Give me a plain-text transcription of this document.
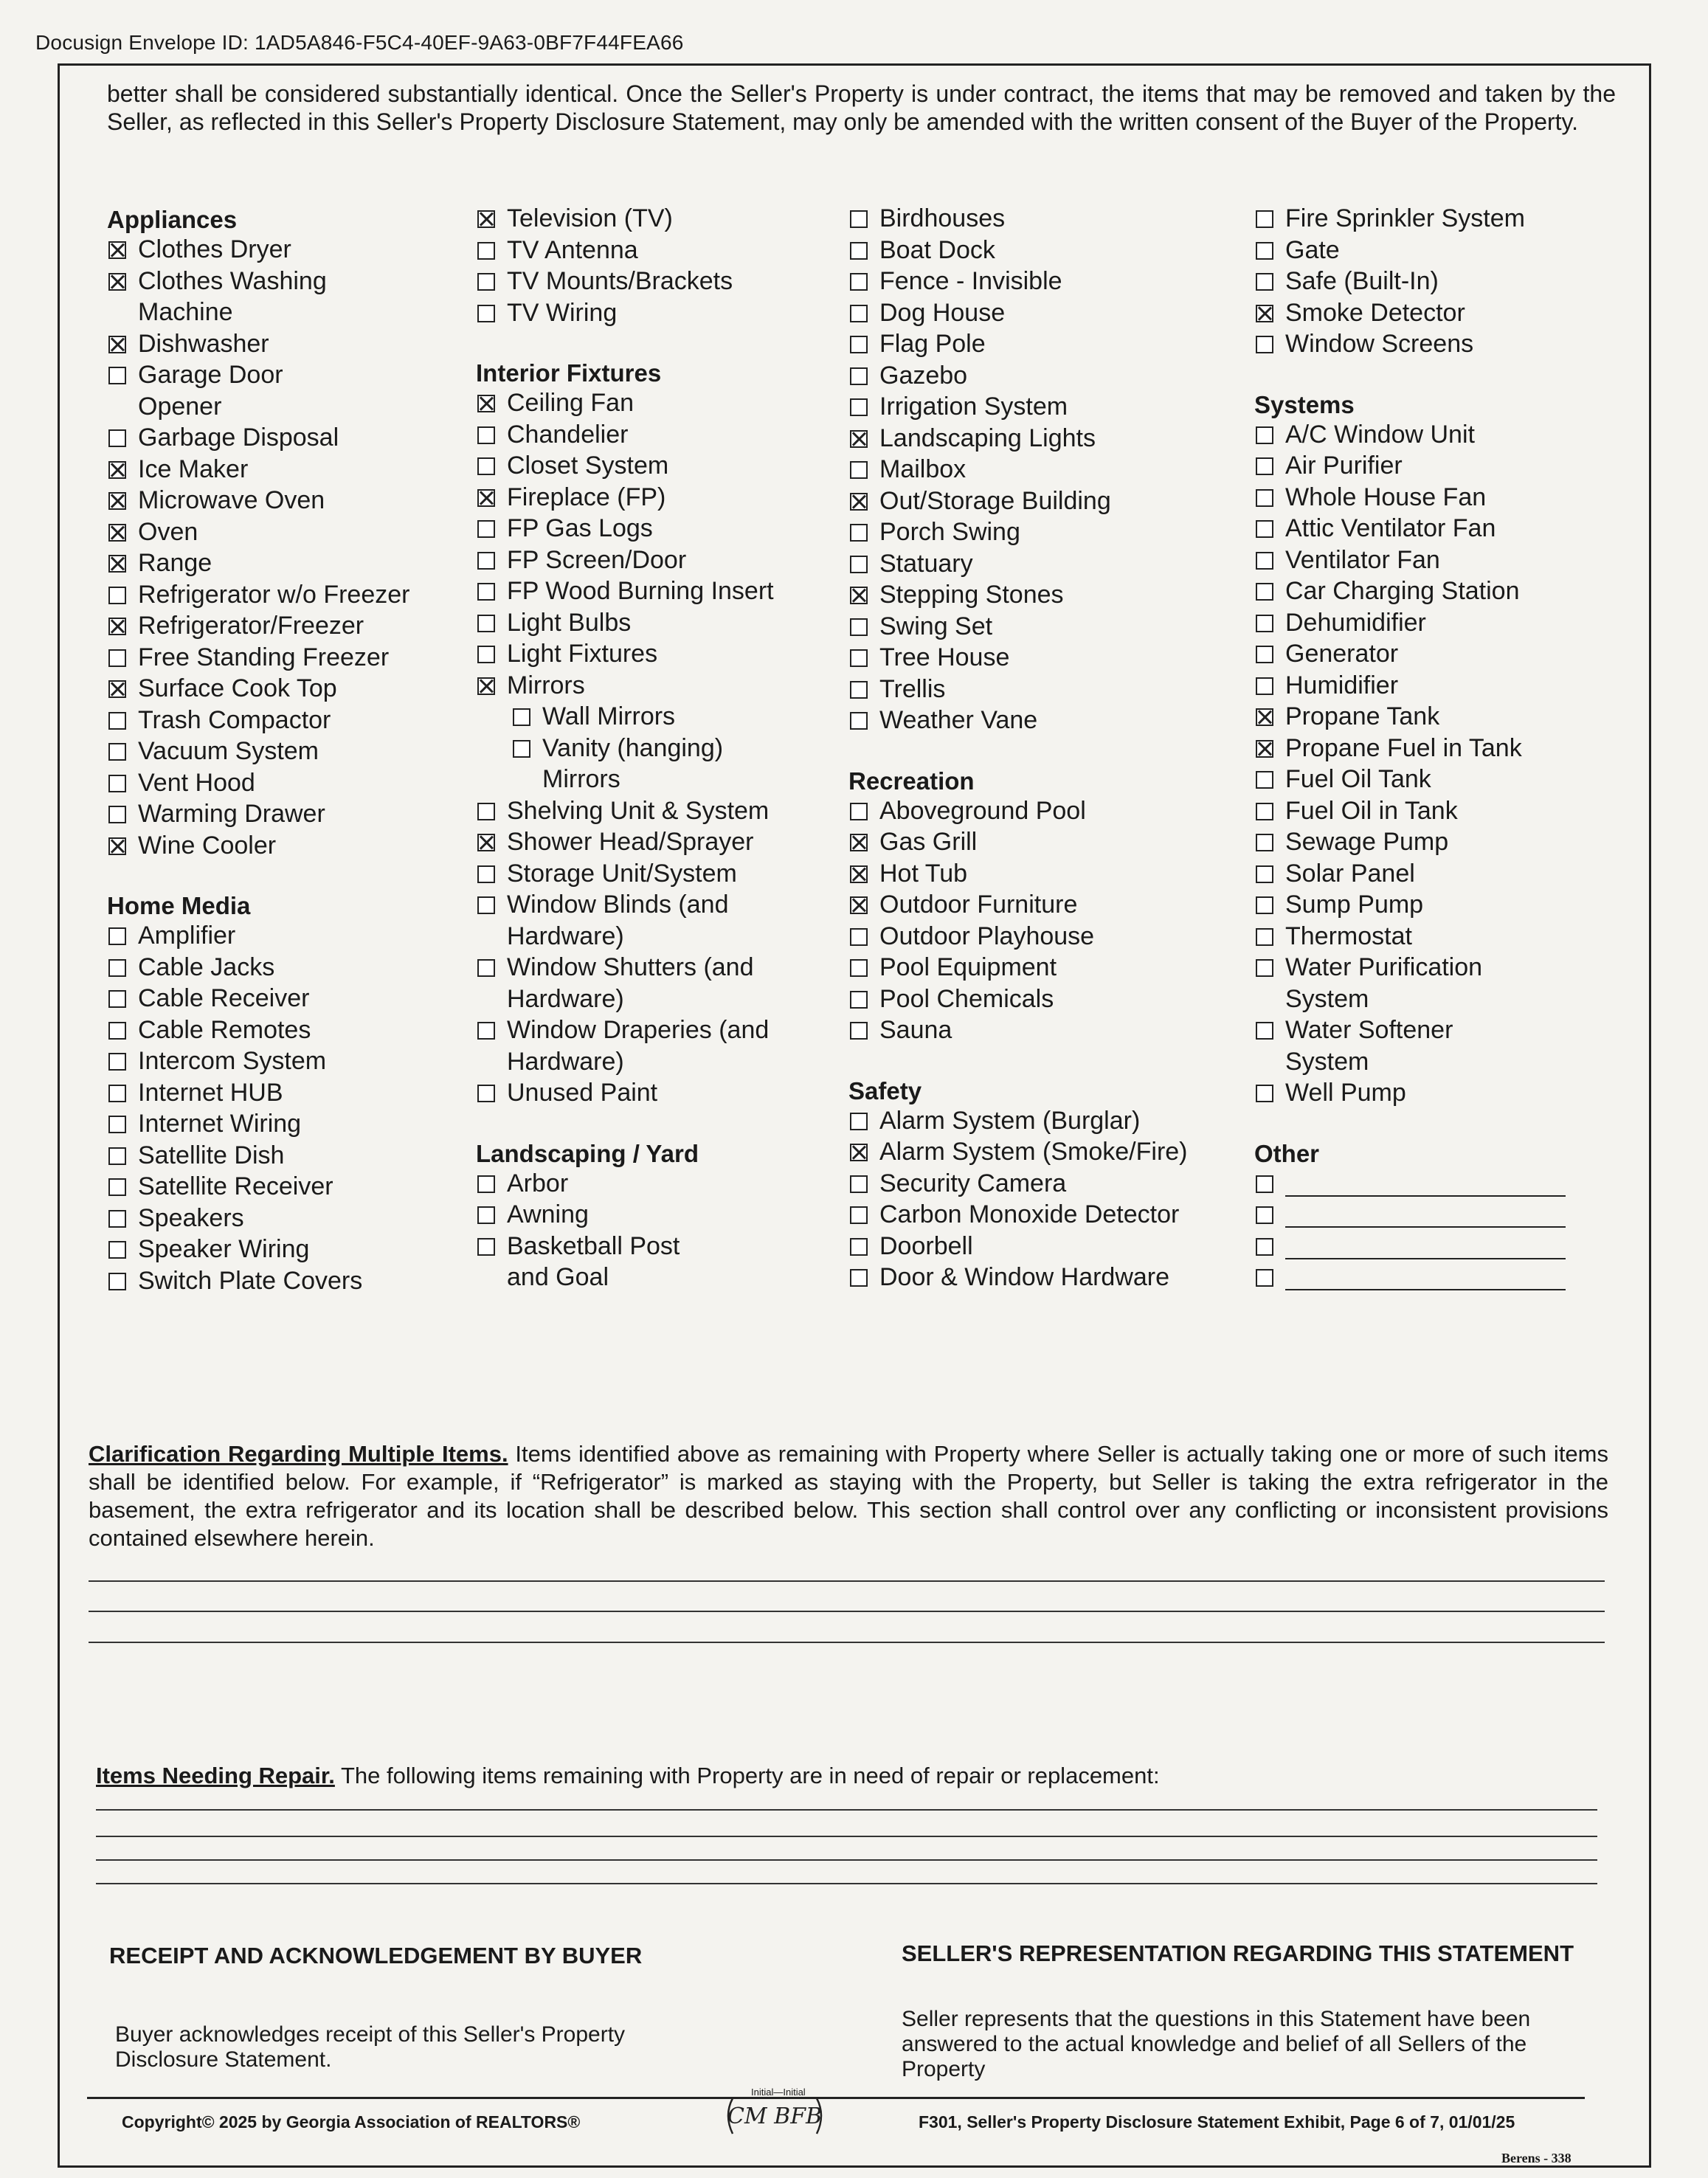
Docusign Envelope ID: 1AD5A846-F5C4-40EF-9A63-0BF7F44FEA66
better shall be considered substantially identical. Once the Seller's Property is under contract, the items that may be removed and taken by the Seller, as reflected in this Seller's Property Disclosure Statement, may only be amended with the written consent of the Buyer of the Property.
Appliances
Clothes Dryer
Clothes Washing
Machine
Dishwasher
Garage Door
Opener
Garbage Disposal
Ice Maker
Microwave Oven
Oven
Range
Refrigerator w/o Freezer
Refrigerator/Freezer
Free Standing Freezer
Surface Cook Top
Trash Compactor
Vacuum System
Vent Hood
Warming Drawer
Wine Cooler
Home Media
Amplifier
Cable Jacks
Cable Receiver
Cable Remotes
Intercom System
Internet HUB
Internet Wiring
Satellite Dish
Satellite Receiver
Speakers
Speaker Wiring
Switch Plate Covers
Television (TV)
TV Antenna
TV Mounts/Brackets
TV Wiring
Interior Fixtures
Ceiling Fan
Chandelier
Closet System
Fireplace (FP)
FP Gas Logs
FP Screen/Door
FP Wood Burning Insert
Light Bulbs
Light Fixtures
Mirrors
Wall Mirrors
Vanity (hanging)
Mirrors
Shelving Unit & System
Shower Head/Sprayer
Storage Unit/System
Window Blinds (and
Hardware)
Window Shutters (and
Hardware)
Window Draperies (and
Hardware)
Unused Paint
Landscaping / Yard
Arbor
Awning
Basketball Post
and Goal
Birdhouses
Boat Dock
Fence - Invisible
Dog House
Flag Pole
Gazebo
Irrigation System
Landscaping Lights
Mailbox
Out/Storage Building
Porch Swing
Statuary
Stepping Stones
Swing Set
Tree House
Trellis
Weather Vane
Recreation
Aboveground Pool
Gas Grill
Hot Tub
Outdoor Furniture
Outdoor Playhouse
Pool Equipment
Pool Chemicals
Sauna
Safety
Alarm System (Burglar)
Alarm System (Smoke/Fire)
Security Camera
Carbon Monoxide Detector
Doorbell
Door & Window Hardware
Fire Sprinkler System
Gate
Safe (Built-In)
Smoke Detector
Window Screens
Systems
A/C Window Unit
Air Purifier
Whole House Fan
Attic Ventilator Fan
Ventilator Fan
Car Charging Station
Dehumidifier
Generator
Humidifier
Propane Tank
Propane Fuel in Tank
Fuel Oil Tank
Fuel Oil in Tank
Sewage Pump
Solar Panel
Sump Pump
Thermostat
Water Purification
System
Water Softener
System
Well Pump
Other
Clarification Regarding Multiple Items. Items identified above as remaining with Property where Seller is actually taking one or more of such items shall be identified below. For example, if “Refrigerator” is marked as staying with the Property, but Seller is taking the extra refrigerator in the basement, the extra refrigerator and its location shall be described below. This section shall control over any conflicting or inconsistent provisions contained elsewhere herein.
Items Needing Repair. The following items remaining with Property are in need of repair or replacement:
RECEIPT AND ACKNOWLEDGEMENT BY BUYER
Buyer acknowledges receipt of this Seller's Property Disclosure Statement.
SELLER'S REPRESENTATION REGARDING THIS STATEMENT
Seller represents that the questions in this Statement have been answered to the actual knowledge and belief of all Sellers of the Property
Copyright© 2025 by Georgia Association of REALTORS®
Initial—Initial
CM BFB	F301, Seller's Property Disclosure Statement Exhibit, Page 6 of 7, 01/01/25
Berens - 338
